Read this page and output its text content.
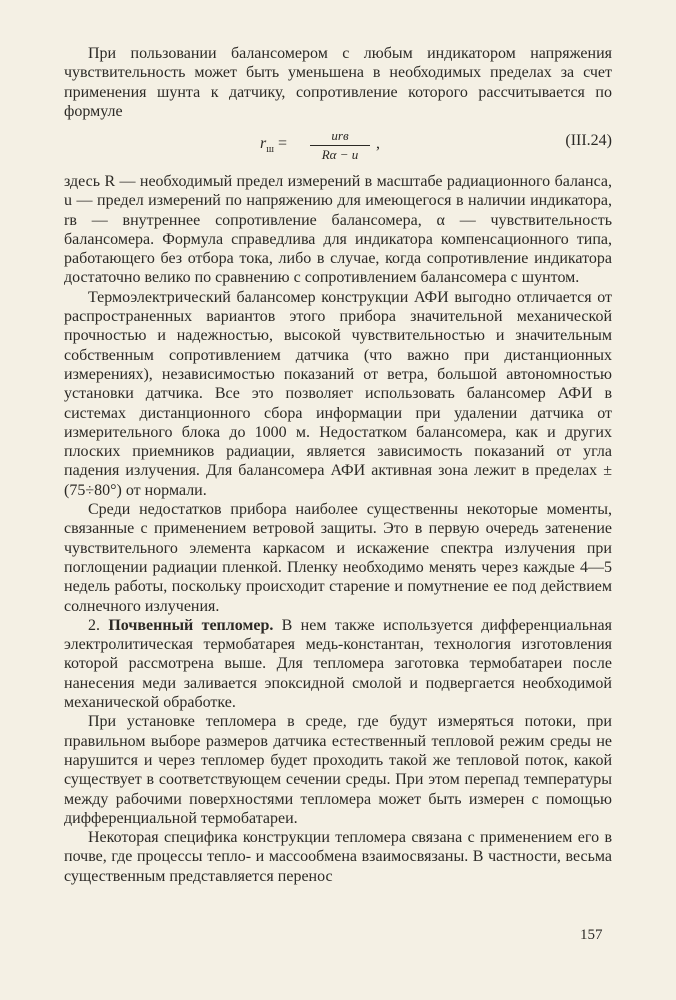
При пользовании балансомером с любым индикатором напряжения чувствительность может быть уменьшена в необходимых пределах за счет применения шунта к датчику, сопротивление которого рассчитывается по формуле

$r_ш$ =	urв
Rα − u
,	(III.24)

здесь R — необходимый предел измерений в масштабе радиационного баланса, u — предел измерений по напряжению для имеющегося в наличии индикатора, rв — внутреннее сопротивление балансомера, α — чувствительность балансомера. Формула справедлива для индикатора компенсационного типа, работающего без отбора тока, либо в случае, когда сопротивление индикатора достаточно велико по сравнению с сопротивлением балансомера с шунтом.

Термоэлектрический балансомер конструкции АФИ выгодно отличается от распространенных вариантов этого прибора значительной механической прочностью и надежностью, высокой чувствительностью и значительным собственным сопротивлением датчика (что важно при дистанционных измерениях), независимостью показаний от ветра, большой автономностью установки датчика. Все это позволяет использовать балансомер АФИ в системах дистанционного сбора информации при удалении датчика от измерительного блока до 1000 м. Недостатком балансомера, как и других плоских приемников радиации, является зависимость показаний от угла падения излучения. Для балансомера АФИ активная зона лежит в пределах ± (75÷80°) от нормали.

Среди недостатков прибора наиболее существенны некоторые моменты, связанные с применением ветровой защиты. Это в первую очередь затенение чувствительного элемента каркасом и искажение спектра излучения при поглощении радиации пленкой. Пленку необходимо менять через каждые 4—5 недель работы, поскольку происходит старение и помутнение ее под действием солнечного излучения.

2. Почвенный тепломер. В нем также используется дифференциальная электролитическая термобатарея медь-константан, технология изготовления которой рассмотрена выше. Для тепломера заготовка термобатареи после нанесения меди заливается эпоксидной смолой и подвергается необходимой механической обработке.

При установке тепломера в среде, где будут измеряться потоки, при правильном выборе размеров датчика естественный тепловой режим среды не нарушится и через тепломер будет проходить такой же тепловой поток, какой существует в соответствующем сечении среды. При этом перепад температуры между рабочими поверхностями тепломера может быть измерен с помощью дифференциальной термобатареи.

Некоторая специфика конструкции тепломера связана с применением его в почве, где процессы тепло- и массообмена взаимосвязаны. В частности, весьма существенным представляется перенос

157
